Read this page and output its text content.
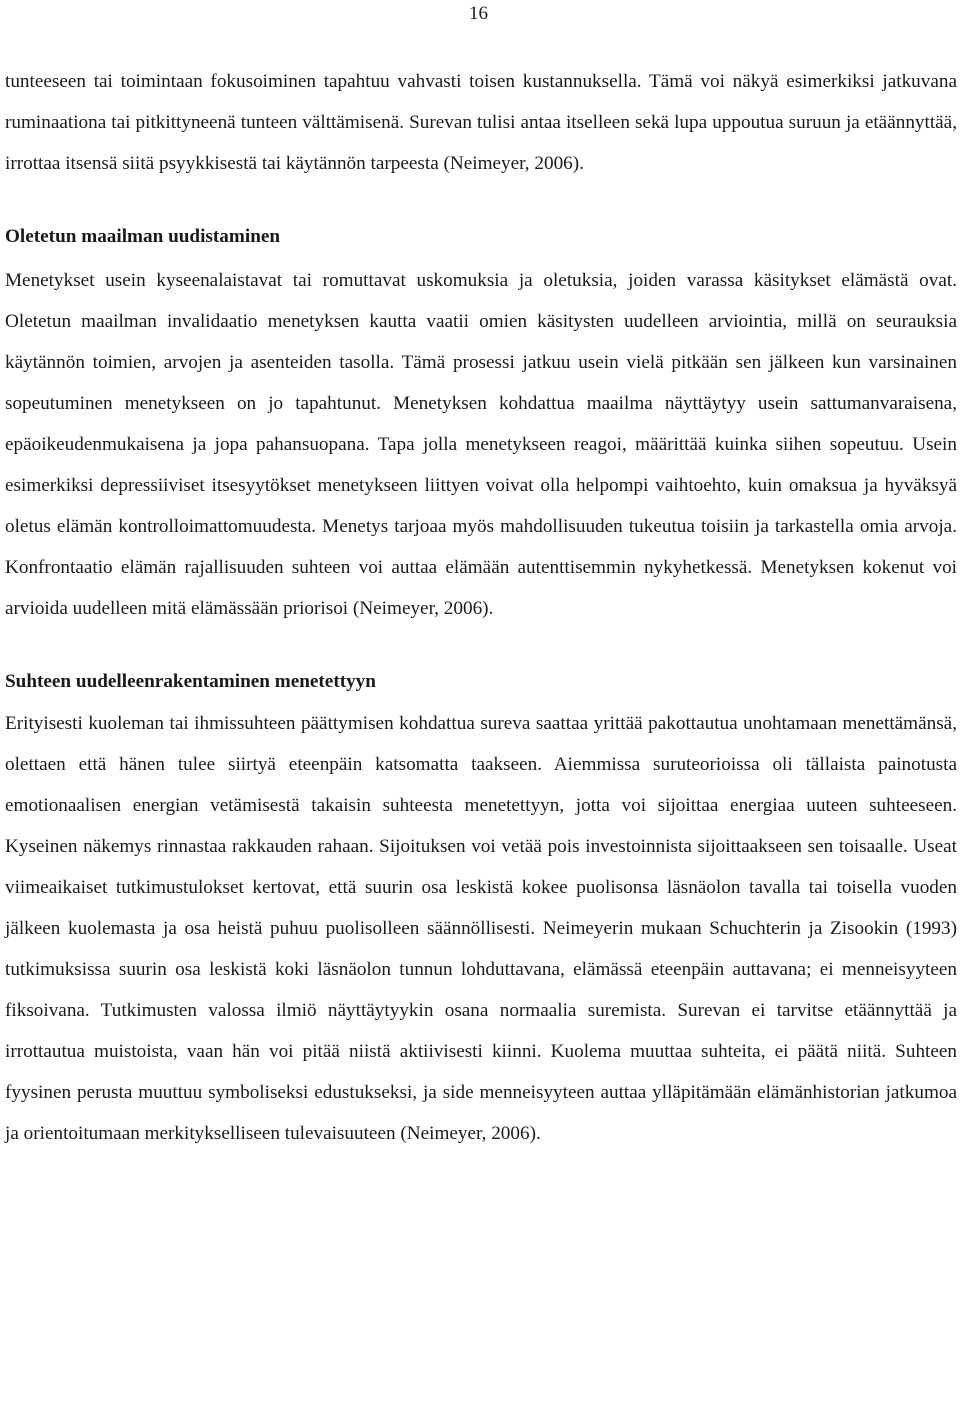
16

tunteeseen tai toimintaan fokusoiminen tapahtuu vahvasti toisen kustannuksella. Tämä voi näkyä esimerkiksi jatkuvana ruminaationa tai pitkittyneenä tunteen välttämisenä. Surevan tulisi antaa itselleen sekä lupa uppoutua suruun ja etäännyttää, irrottaa itsensä siitä psyykkisestä tai käytännön tarpeesta (Neimeyer, 2006).

Oletetun maailman uudistaminen

Menetykset usein kyseenalaistavat tai romuttavat uskomuksia ja oletuksia, joiden varassa käsitykset elämästä ovat. Oletetun maailman invalidaatio menetyksen kautta vaatii omien käsitysten uudelleen arviointia, millä on seurauksia käytännön toimien, arvojen ja asenteiden tasolla. Tämä prosessi jatkuu usein vielä pitkään sen jälkeen kun varsinainen sopeutuminen menetykseen on jo tapahtunut. Menetyksen kohdattua maailma näyttäytyy usein sattumanvaraisena, epäoikeudenmukaisena ja jopa pahansuopana. Tapa jolla menetykseen reagoi, määrittää kuinka siihen sopeutuu. Usein esimerkiksi depressiiviset itsesyytökset menetykseen liittyen voivat olla helpompi vaihtoehto, kuin omaksua ja hyväksyä oletus elämän kontrolloimattomuudesta. Menetys tarjoaa myös mahdollisuuden tukeutua toisiin ja tarkastella omia arvoja. Konfrontaatio elämän rajallisuuden suhteen voi auttaa elämään autenttisemmin nykyhetkessä. Menetyksen kokenut voi arvioida uudelleen mitä elämässään priorisoi (Neimeyer, 2006).

Suhteen uudelleenrakentaminen menetettyyn

Erityisesti kuoleman tai ihmissuhteen päättymisen kohdattua sureva saattaa yrittää pakottautua unohtamaan menettämänsä, olettaen että hänen tulee siirtyä eteenpäin katsomatta taakseen. Aiemmissa suruteorioissa oli tällaista painotusta emotionaalisen energian vetämisestä takaisin suhteesta menetettyyn, jotta voi sijoittaa energiaa uuteen suhteeseen. Kyseinen näkemys rinnastaa rakkauden rahaan. Sijoituksen voi vetää pois investoinnista sijoittaakseen sen toisaalle. Useat viimeaikaiset tutkimustulokset kertovat, että suurin osa leskistä kokee puolisonsa läsnäolon tavalla tai toisella vuoden jälkeen kuolemasta ja osa heistä puhuu puolisolleen säännöllisesti. Neimeyerin mukaan Schuchterin ja Zisookin (1993) tutkimuksissa suurin osa leskistä koki läsnäolon tunnun lohduttavana, elämässä eteenpäin auttavana; ei menneisyyteen fiksoivana. Tutkimusten valossa ilmiö näyttäytyykin osana normaalia suremista. Surevan ei tarvitse etäännyttää ja irrottautua muistoista, vaan hän voi pitää niistä aktiivisesti kiinni. Kuolema muuttaa suhteita, ei päätä niitä. Suhteen fyysinen perusta muuttuu symboliseksi edustukseksi, ja side menneisyyteen auttaa ylläpitämään elämänhistorian jatkumoa ja orientoitumaan merkitykselliseen tulevaisuuteen (Neimeyer, 2006).
